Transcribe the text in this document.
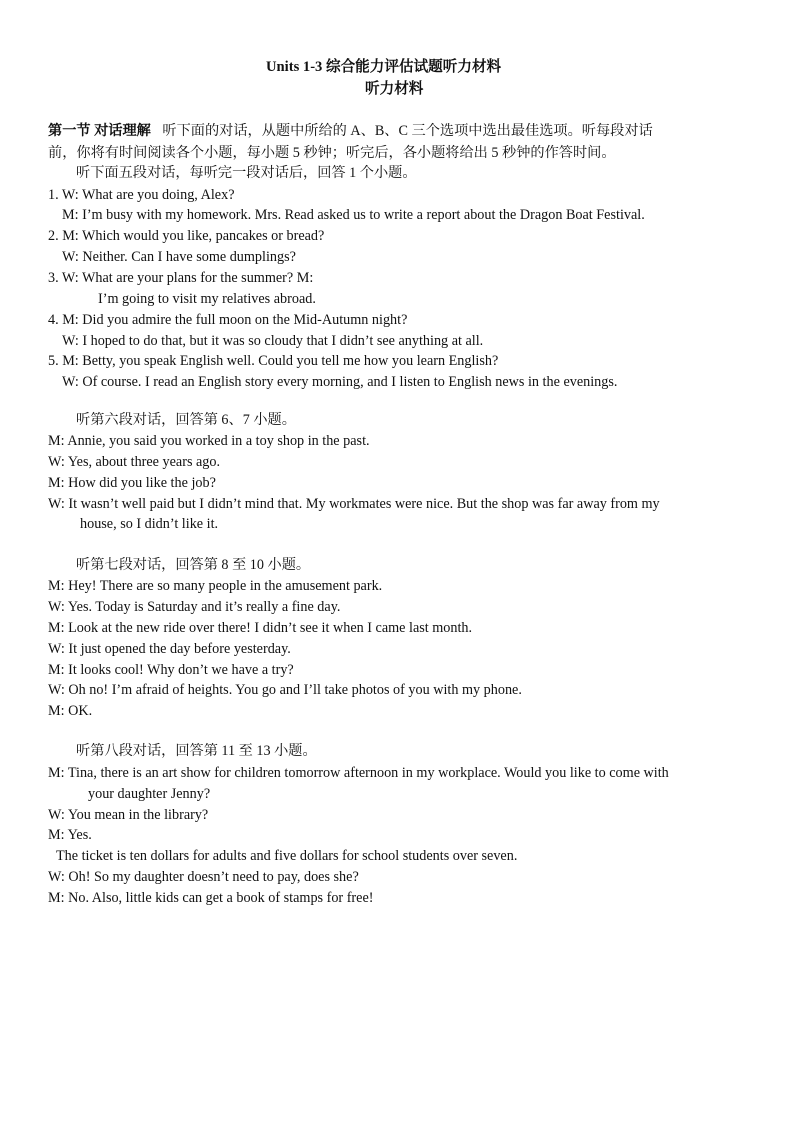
Units 1-3 综合能力评估试题听力材料
听力材料
第一节 对话理解 听下面的对话，从题中所给的 A、B、C 三个选项中选出最佳选项。听每段对话
前，你将有时间阅读各个小题，每小题 5 秒钟；听完后，各小题将给出 5 秒钟的作答时间。
听下面五段对话，每听完一段对话后，回答 1 个小题。
1. W: What are you doing, Alex?
M: I’m busy with my homework. Mrs. Read asked us to write a report about the Dragon Boat Festival.
2. M: Which would you like, pancakes or bread?
W: Neither. Can I have some dumplings?
3. W: What are your plans for the summer? M:
I’m going to visit my relatives abroad.
4. M: Did you admire the full moon on the Mid-Autumn night?
W: I hoped to do that, but it was so cloudy that I didn’t see anything at all.
5. M: Betty, you speak English well. Could you tell me how you learn English?
W: Of course. I read an English story every morning, and I listen to English news in the evenings.
听第六段对话，回答第 6、7 小题。
M: Annie, you said you worked in a toy shop in the past.
W: Yes, about three years ago.
M: How did you like the job?
W: It wasn’t well paid but I didn’t mind that. My workmates were nice. But the shop was far away from my
house, so I didn’t like it.
听第七段对话，回答第 8 至 10 小题。
M: Hey! There are so many people in the amusement park.
W: Yes. Today is Saturday and it’s really a fine day.
M: Look at the new ride over there! I didn’t see it when I came last month.
W: It just opened the day before yesterday.
M: It looks cool! Why don’t we have a try?
W: Oh no! I’m afraid of heights. You go and I’ll take photos of you with my phone.
M: OK.
听第八段对话，回答第 11 至 13 小题。
M: Tina, there is an art show for children tomorrow afternoon in my workplace. Would you like to come with
your daughter Jenny?
W: You mean in the library?
M: Yes.
The ticket is ten dollars for adults and five dollars for school students over seven.
W: Oh! So my daughter doesn’t need to pay, does she?
M: No. Also, little kids can get a book of stamps for free!
